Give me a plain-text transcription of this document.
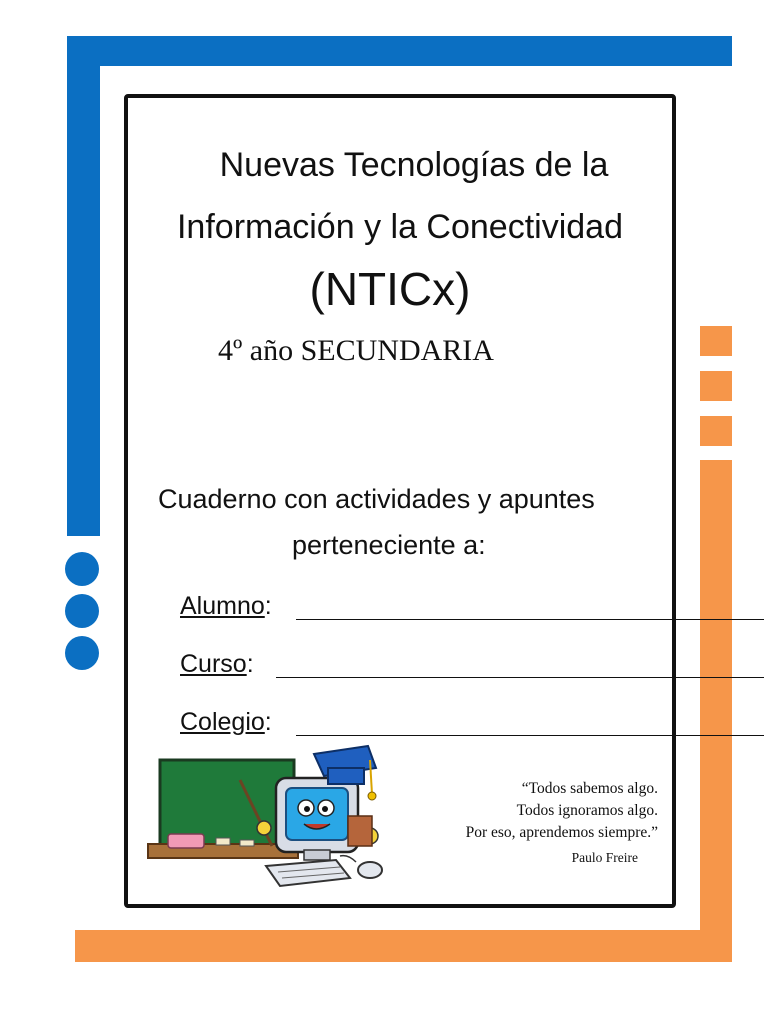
Nuevas Tecnologías de la
Información y la Conectividad
(NTICx)
4º año SECUNDARIA
Cuaderno con actividades y apuntes
perteneciente a:
Alumno:
Curso:
Colegio:
“Todos sabemos algo.
Todos ignoramos algo.
Por eso, aprendemos siempre.”
Paulo Freire
